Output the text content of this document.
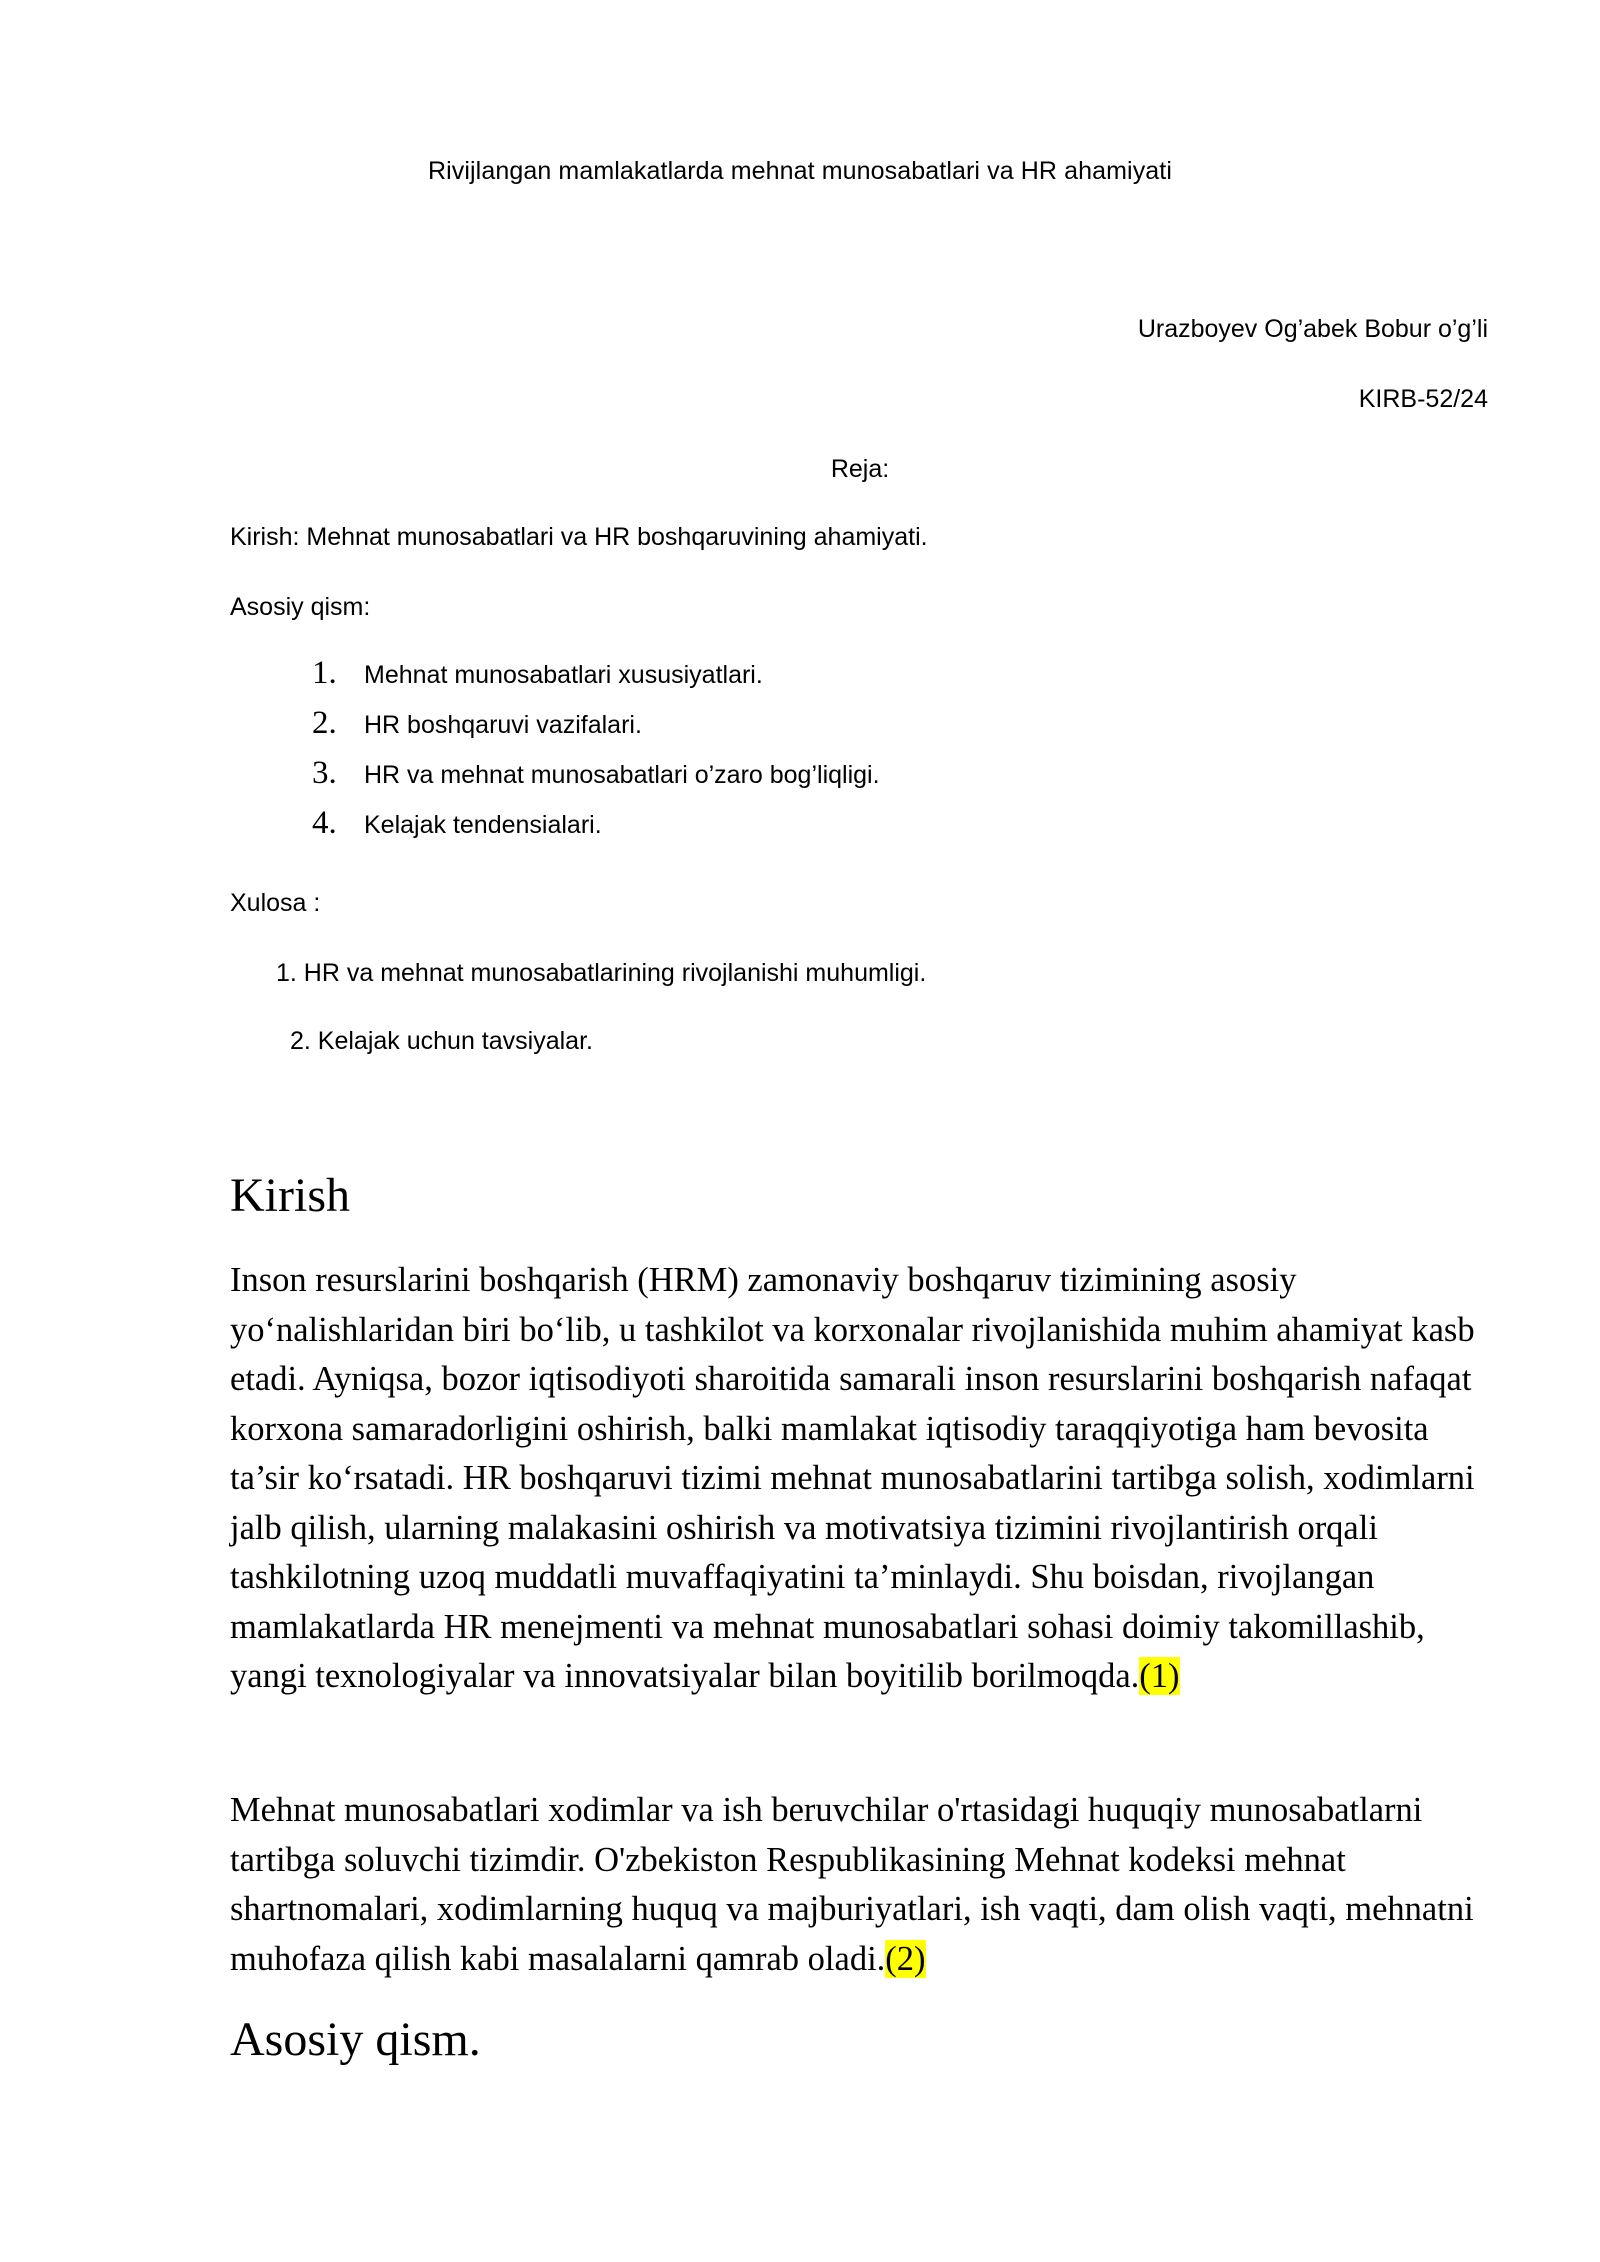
Rivijlangan mamlakatlarda mehnat munosabatlari va HR ahamiyati
Urazboyev Og’abek Bobur o’g’li
KIRB-52/24
Reja:
Kirish: Mehnat munosabatlari va HR boshqaruvining ahamiyati.
Asosiy qism:
1.	Mehnat munosabatlari xususiyatlari.
2.	HR boshqaruvi vazifalari.
3.	HR va mehnat munosabatlari o’zaro bog’liqligi.
4.	Kelajak tendensialari.
Xulosa :
1. HR va mehnat munosabatlarining rivojlanishi muhumligi.
2. Kelajak uchun tavsiyalar.
Kirish

Inson resurslarini boshqarish (HRM) zamonaviy boshqaruv tizimining asosiy yo‘nalishlaridan biri bo‘lib, u tashkilot va korxonalar rivojlanishida muhim ahamiyat kasb etadi. Ayniqsa, bozor iqtisodiyoti sharoitida samarali inson resurslarini boshqarish nafaqat korxona samaradorligini oshirish, balki mamlakat iqtisodiy taraqqiyotiga ham bevosita ta’sir ko‘rsatadi. HR boshqaruvi tizimi mehnat munosabatlarini tartibga solish, xodimlarni jalb qilish, ularning malakasini oshirish va motivatsiya tizimini rivojlantirish orqali tashkilotning uzoq muddatli muvaffaqiyatini ta’minlaydi. Shu boisdan, rivojlangan mamlakatlarda HR menejmenti va mehnat munosabatlari sohasi doimiy takomillashib, yangi texnologiyalar va innovatsiyalar bilan boyitilib borilmoqda.(1)

Mehnat munosabatlari xodimlar va ish beruvchilar o'rtasidagi huquqiy munosabatlarni tartibga soluvchi tizimdir. O'zbekiston Respublikasining Mehnat kodeksi mehnat shartnomalari, xodimlarning huquq va majburiyatlari, ish vaqti, dam olish vaqti, mehnatni muhofaza qilish kabi masalalarni qamrab oladi.(2)

Asosiy qism.
